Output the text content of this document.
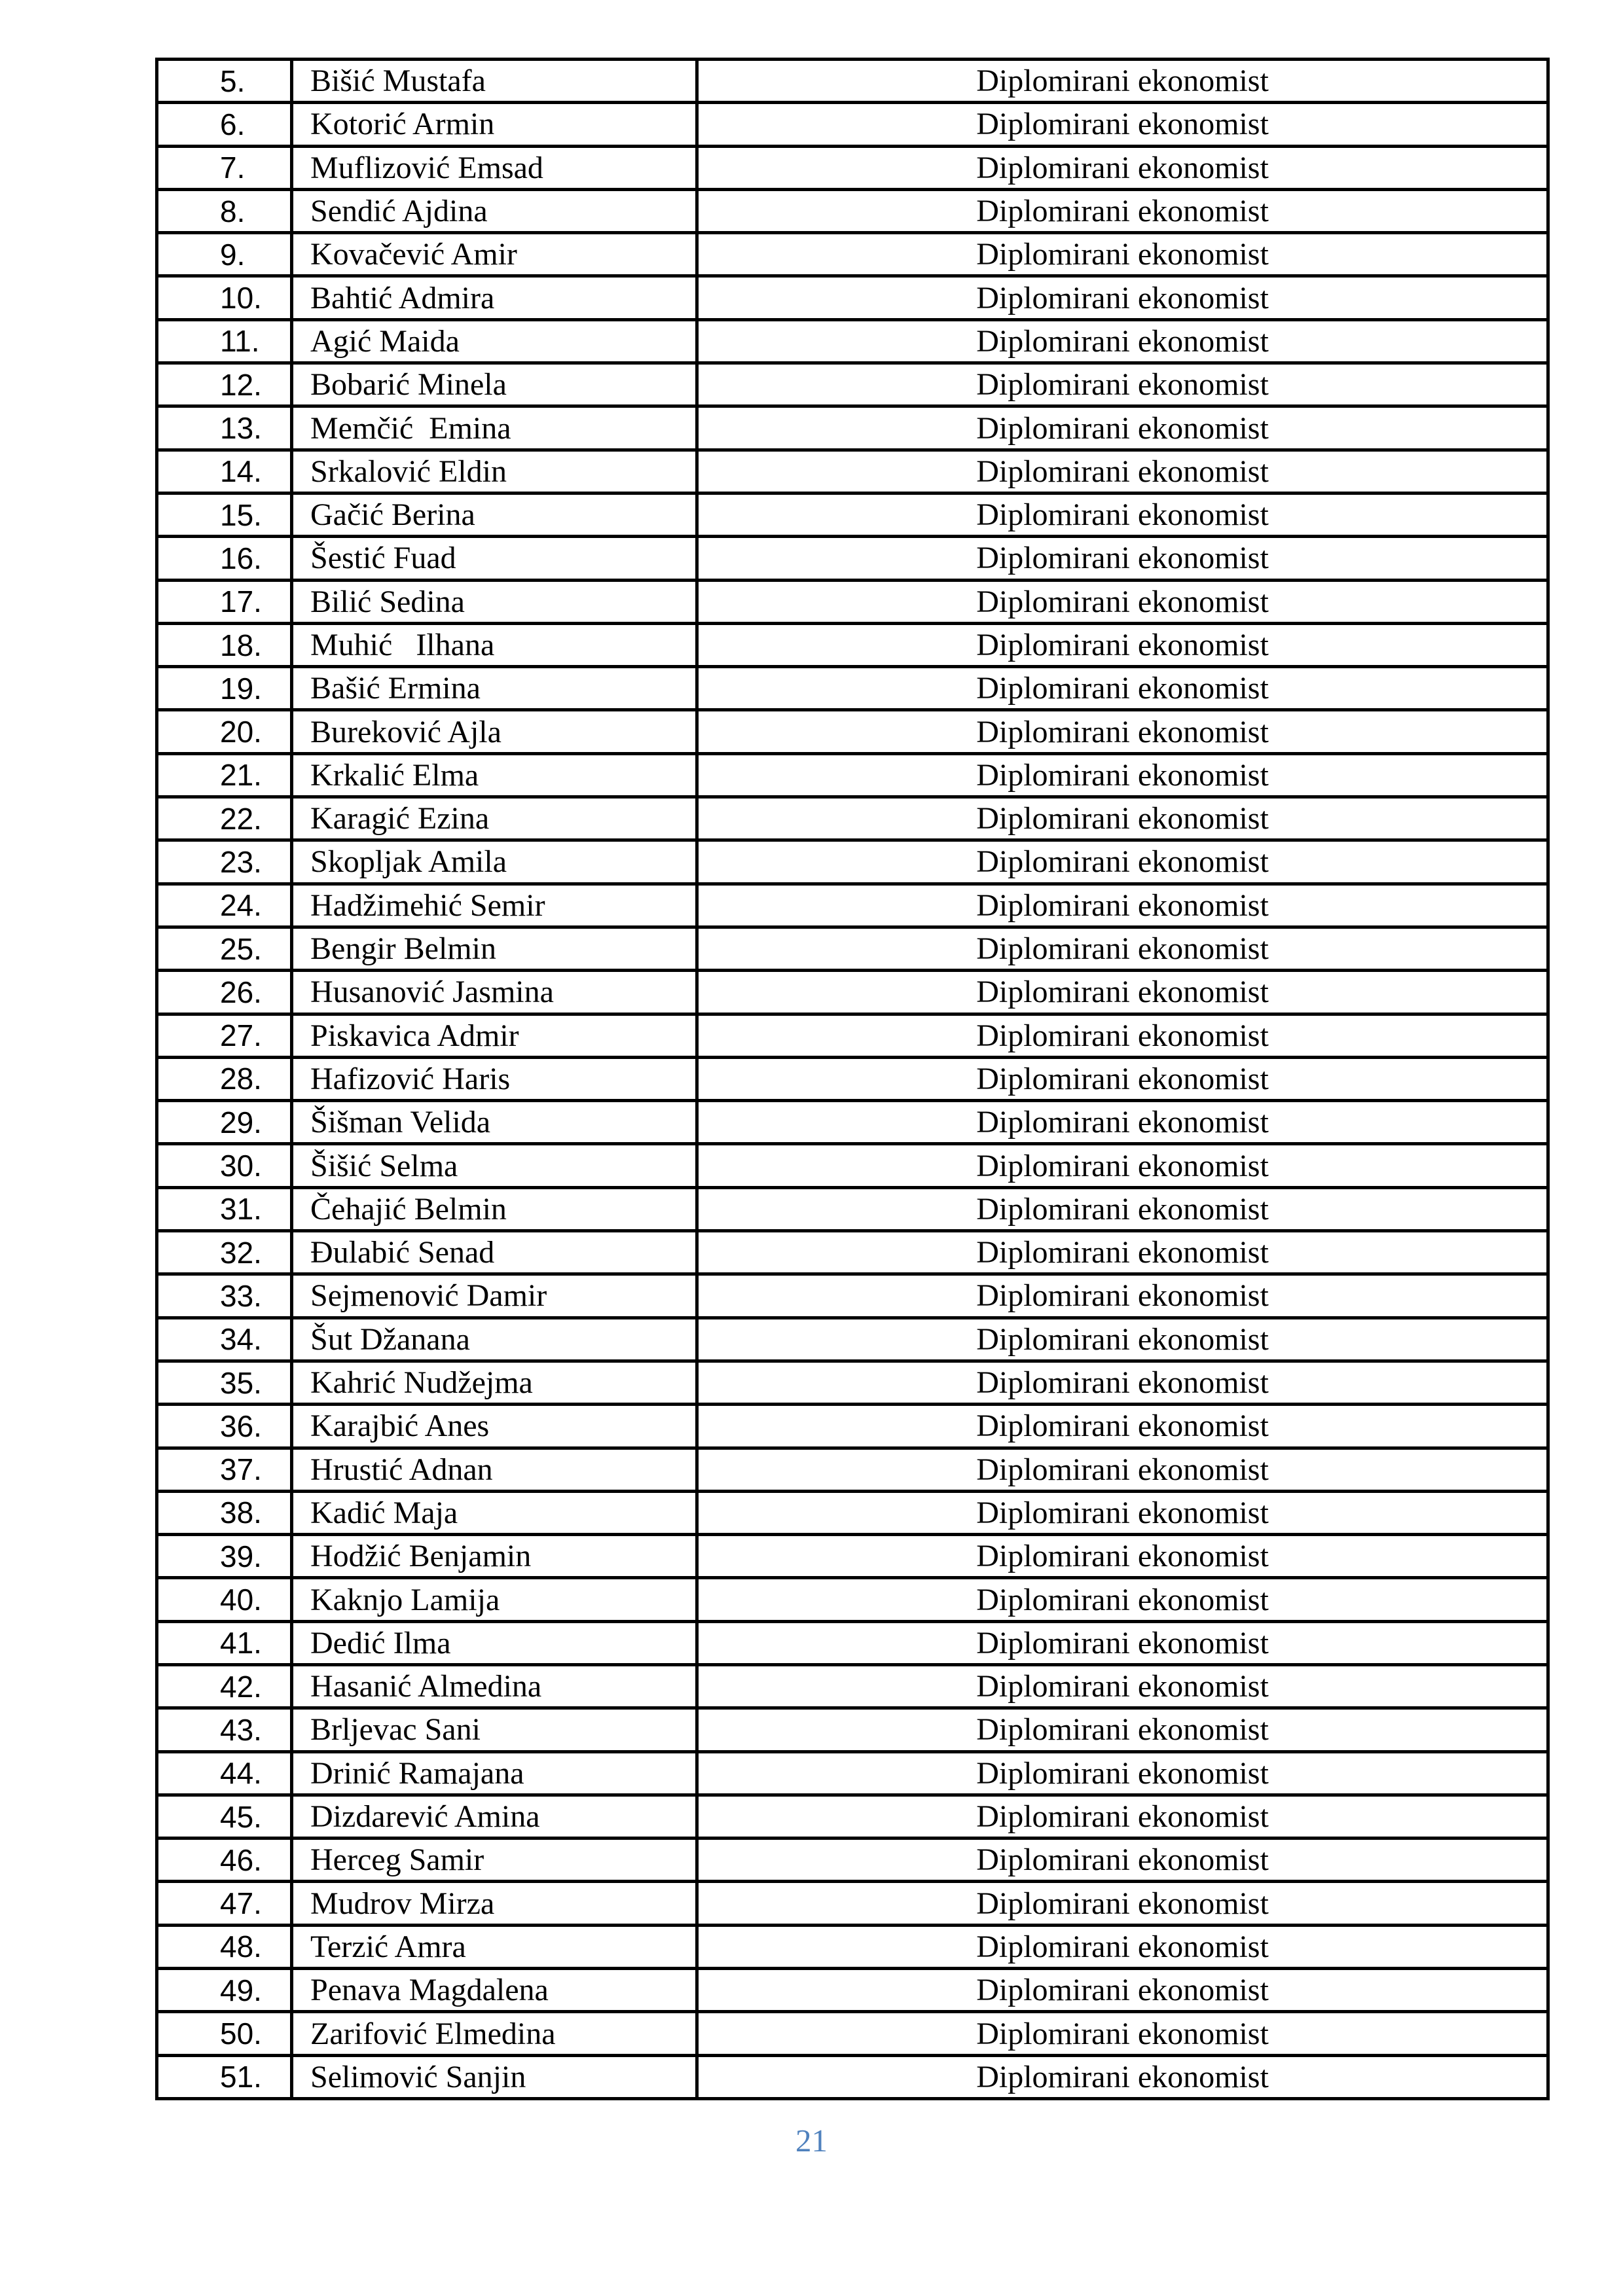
5.	Bišić Mustafa	Diplomirani ekonomist
6.	Kotorić Armin	Diplomirani ekonomist
7.	Muflizović Emsad	Diplomirani ekonomist
8.	Sendić Ajdina	Diplomirani ekonomist
9.	Kovačević Amir	Diplomirani ekonomist
10.	Bahtić Admira	Diplomirani ekonomist
11.	Agić Maida	Diplomirani ekonomist
12.	Bobarić Minela	Diplomirani ekonomist
13.	Memčić  Emina	Diplomirani ekonomist
14.	Srkalović Eldin	Diplomirani ekonomist
15.	Gačić Berina	Diplomirani ekonomist
16.	Šestić Fuad	Diplomirani ekonomist
17.	Bilić Sedina	Diplomirani ekonomist
18.	Muhić   Ilhana	Diplomirani ekonomist
19.	Bašić Ermina	Diplomirani ekonomist
20.	Bureković Ajla	Diplomirani ekonomist
21.	Krkalić Elma	Diplomirani ekonomist
22.	Karagić Ezina	Diplomirani ekonomist
23.	Skopljak Amila	Diplomirani ekonomist
24.	Hadžimehić Semir	Diplomirani ekonomist
25.	Bengir Belmin	Diplomirani ekonomist
26.	Husanović Jasmina	Diplomirani ekonomist
27.	Piskavica Admir	Diplomirani ekonomist
28.	Hafizović Haris	Diplomirani ekonomist
29.	Šišman Velida	Diplomirani ekonomist
30.	Šišić Selma	Diplomirani ekonomist
31.	Čehajić Belmin	Diplomirani ekonomist
32.	Đulabić Senad	Diplomirani ekonomist
33.	Sejmenović Damir	Diplomirani ekonomist
34.	Šut Džanana	Diplomirani ekonomist
35.	Kahrić Nudžejma	Diplomirani ekonomist
36.	Karajbić Anes	Diplomirani ekonomist
37.	Hrustić Adnan	Diplomirani ekonomist
38.	Kadić Maja	Diplomirani ekonomist
39.	Hodžić Benjamin	Diplomirani ekonomist
40.	Kaknjo Lamija	Diplomirani ekonomist
41.	Dedić Ilma	Diplomirani ekonomist
42.	Hasanić Almedina	Diplomirani ekonomist
43.	Brljevac Sani	Diplomirani ekonomist
44.	Drinić Ramajana	Diplomirani ekonomist
45.	Dizdarević Amina	Diplomirani ekonomist
46.	Herceg Samir	Diplomirani ekonomist
47.	Mudrov Mirza	Diplomirani ekonomist
48.	Terzić Amra	Diplomirani ekonomist
49.	Penava Magdalena	Diplomirani ekonomist
50.	Zarifović Elmedina	Diplomirani ekonomist
51.	Selimović Sanjin	Diplomirani ekonomist
21
